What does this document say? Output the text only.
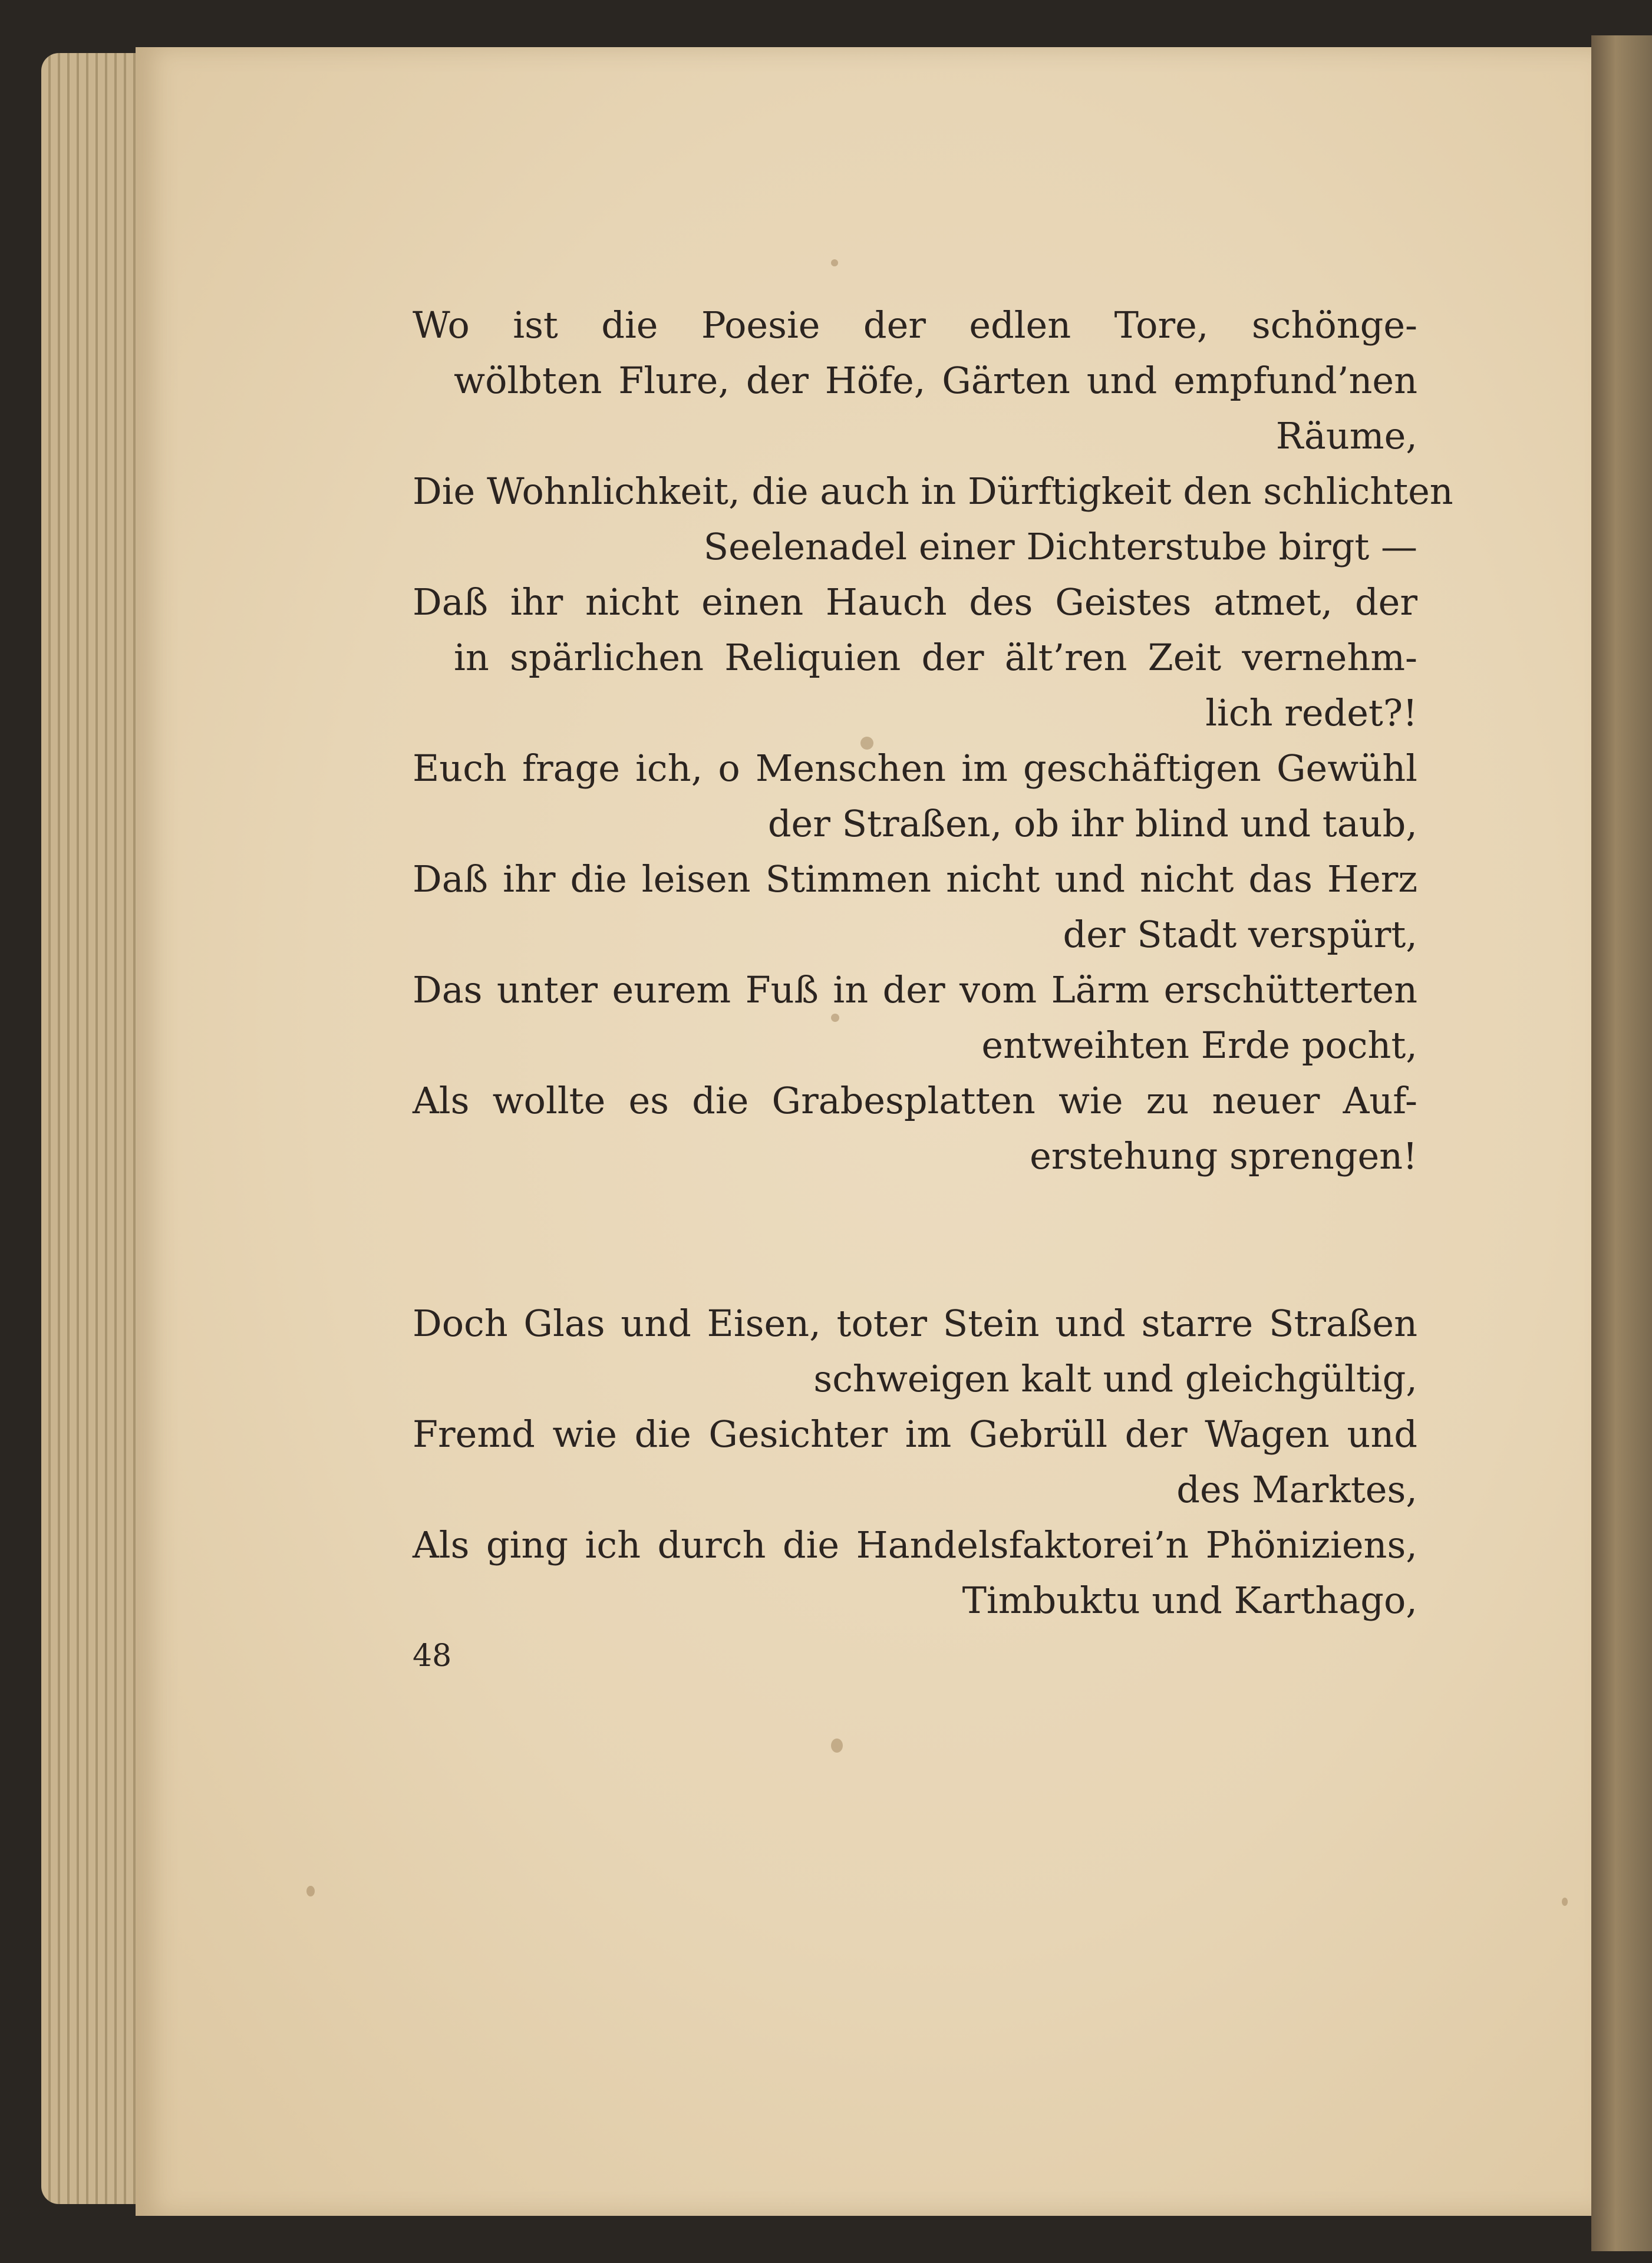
Wo ist die Poesie der edlen Tore, schönge-
wölbten Flure, der Höfe, Gärten und empfund’nen
Räume,
Die Wohnlichkeit, die auch in Dürftigkeit den schlichten
Seelenadel einer Dichterstube birgt —
Daß ihr nicht einen Hauch des Geistes atmet, der
in spärlichen Reliquien der ält’ren Zeit vernehm-
lich redet?!
Euch frage ich, o Menschen im geschäftigen Gewühl
der Straßen, ob ihr blind und taub,
Daß ihr die leisen Stimmen nicht und nicht das Herz
der Stadt verspürt,
Das unter eurem Fuß in der vom Lärm erschütterten
entweihten Erde pocht,
Als wollte es die Grabesplatten wie zu neuer Auf-
erstehung sprengen!
Doch Glas und Eisen, toter Stein und starre Straßen
schweigen kalt und gleichgültig,
Fremd wie die Gesichter im Gebrüll der Wagen und
des Marktes,
Als ging ich durch die Handelsfaktorei’n Phöniziens,
Timbuktu und Karthago,
48
